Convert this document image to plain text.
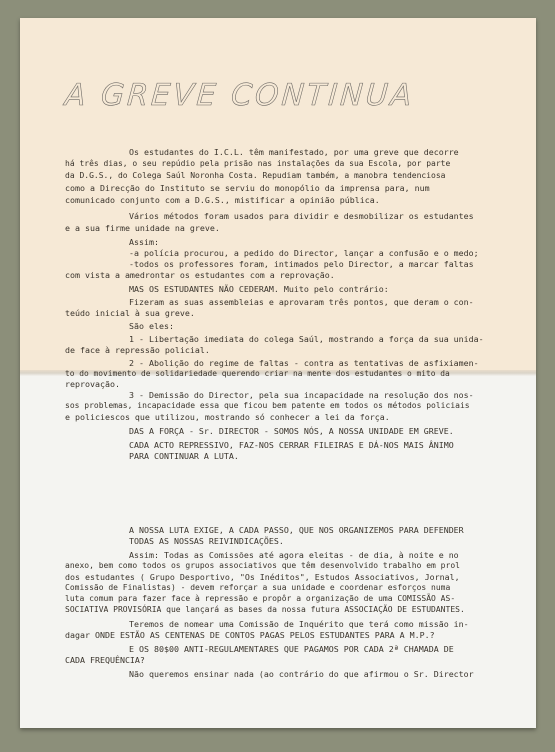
A GREVE CONTINUA
Os estudantes do I.C.L. têm manifestado, por uma greve que decorre
há três dias, o seu repúdio pela prisão nas instalações da sua Escola, por parte
da D.G.S., do Colega Saúl Noronha Costa. Repudiam também, a manobra tendenciosa
como a Direcção do Instituto se serviu do monopólio da imprensa para, num
comunicado conjunto com a D.G.S., mistificar a opinião pública.
Vários métodos foram usados para dividir e desmobilizar os estudantes
e a sua firme unidade na greve.
Assim:
-a polícia procurou, a pedido do Director, lançar a confusão e o medo;
-todos os professores foram, intimados pelo Director, a marcar faltas
com vista a amedrontar os estudantes com a reprovação.
MAS OS ESTUDANTES NÃO CEDERAM. Muito pelo contrário:
Fizeram as suas assembleias e aprovaram três pontos, que deram o con-
teúdo inicial à sua greve.
São eles:
1 - Libertação imediata do colega Saúl, mostrando a força da sua unida-
de face à repressão policial.
2 - Abolição do regime de faltas - contra as tentativas de asfixiamen-
to do movimento de solidariedade querendo criar na mente dos estudantes o mito da
reprovação.
3 - Demissão do Director, pela sua incapacidade na resolução dos nos-
sos problemas, incapacidade essa que ficou bem patente em todos os métodos policiais
e policiescos que utilizou, mostrando só conhecer a lei da força.
DAS A FORÇA - Sr. DIRECTOR - SOMOS NÓS, A NOSSA UNIDADE EM GREVE.
CADA ACTO REPRESSIVO, FAZ-NOS CERRAR FILEIRAS E DÁ-NOS MAIS ÂNIMO
PARA CONTINUAR A LUTA.
A NOSSA LUTA EXIGE, A CADA PASSO, QUE NOS ORGANIZEMOS PARA DEFENDER
TODAS AS NOSSAS REIVINDICAÇÕES.
Assim: Todas as Comissões até agora eleitas - de dia, à noite e no
anexo, bem como todos os grupos associativos que têm desenvolvido trabalho em prol
dos estudantes ( Grupo Desportivo, "Os Inéditos", Estudos Associativos, Jornal,
Comissão de Finalistas) - devem reforçar a sua unidade e coordenar esforços numa
luta comum para fazer face à repressão e propôr a organização de uma COMISSÃO AS-
SOCIATIVA PROVISÓRIA que lançará as bases da nossa futura ASSOCIAÇÃO DE ESTUDANTES.
Teremos de nomear uma Comissão de Inquérito que terá como missão in-
dagar ONDE ESTÃO AS CENTENAS DE CONTOS PAGAS PELOS ESTUDANTES PARA A M.P.?
E OS 80$00 ANTI-REGULAMENTARES QUE PAGAMOS POR CADA 2ª CHAMADA DE
CADA FREQUÊNCIA?
Não queremos ensinar nada (ao contrário do que afirmou o Sr. Director
